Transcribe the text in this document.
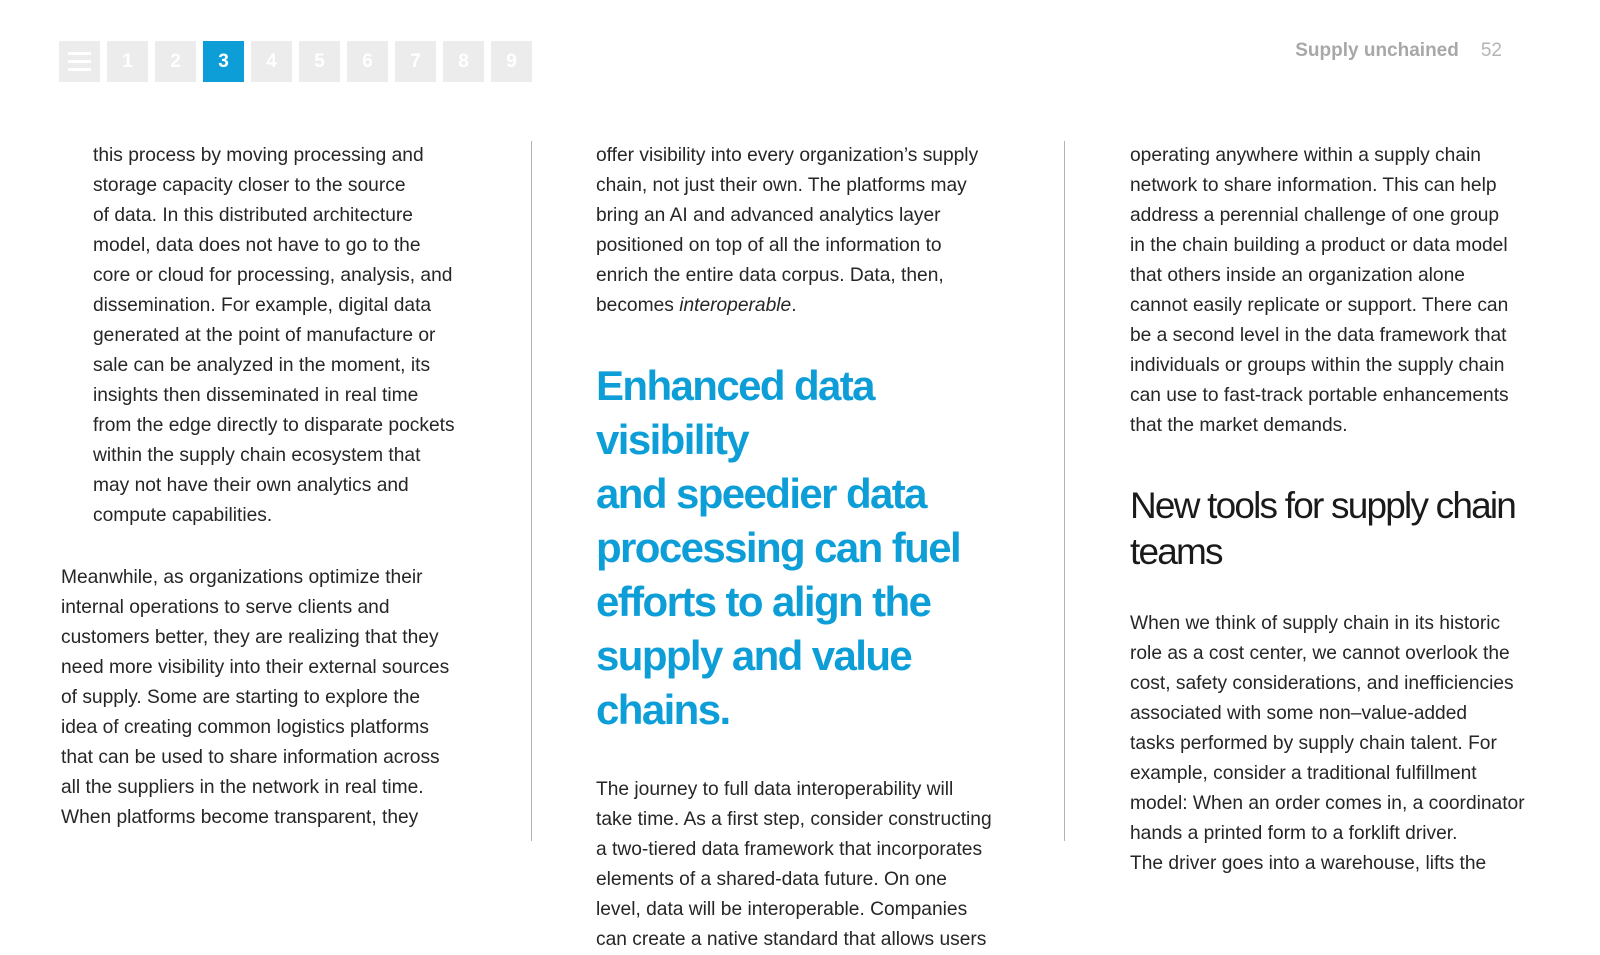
1	2	3	4	5	6	7	8	9	Supply unchained 52

this process by moving processing and
storage capacity closer to the source
of data. In this distributed architecture
model, data does not have to go to the
core or cloud for processing, analysis, and
dissemination. For example, digital data
generated at the point of manufacture or
sale can be analyzed in the moment, its
insights then disseminated in real time
from the edge directly to disparate pockets
within the supply chain ecosystem that
may not have their own analytics and
compute capabilities.

Meanwhile, as organizations optimize their
internal operations to serve clients and
customers better, they are realizing that they
need more visibility into their external sources
of supply. Some are starting to explore the
idea of creating common logistics platforms
that can be used to share information across
all the suppliers in the network in real time.
When platforms become transparent, they

offer visibility into every organization’s supply
chain, not just their own. The platforms may
bring an AI and advanced analytics layer
positioned on top of all the information to
enrich the entire data corpus. Data, then,
becomes interoperable.

Enhanced data visibility
and speedier data
processing can fuel
efforts to align the
supply and value chains.

The journey to full data interoperability will
take time. As a first step, consider constructing
a two-tiered data framework that incorporates
elements of a shared-data future. On one
level, data will be interoperable. Companies
can create a native standard that allows users

operating anywhere within a supply chain
network to share information. This can help
address a perennial challenge of one group
in the chain building a product or data model
that others inside an organization alone
cannot easily replicate or support. There can
be a second level in the data framework that
individuals or groups within the supply chain
can use to fast-track portable enhancements
that the market demands.

New tools for supply chain teams

When we think of supply chain in its historic
role as a cost center, we cannot overlook the
cost, safety considerations, and inefficiencies
associated with some non–value-added
tasks performed by supply chain talent. For
example, consider a traditional fulfillment
model: When an order comes in, a coordinator
hands a printed form to a forklift driver.
The driver goes into a warehouse, lifts the
